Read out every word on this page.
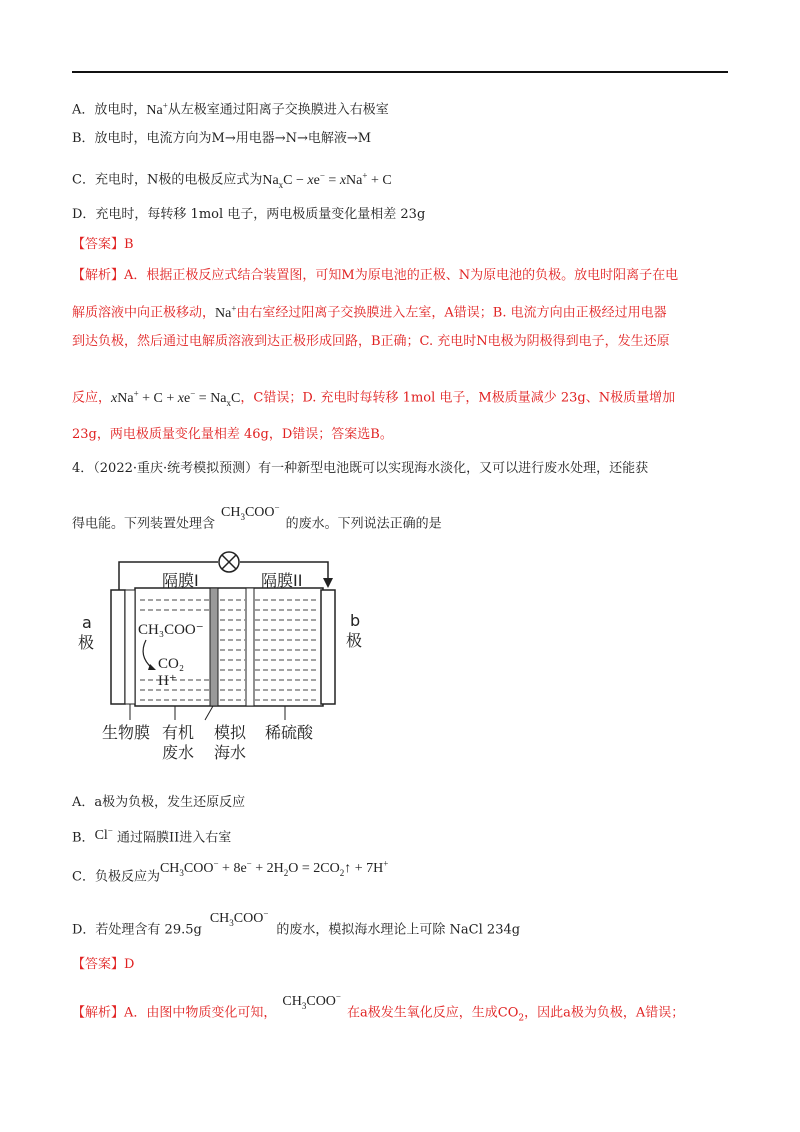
A．放电时，Na+从左极室通过阳离子交换膜进入右极室
B．放电时，电流方向为M→用电器→N→电解液→M
C．充电时，N极的电极反应式为$Na_xC - xe^- = xNa^+ + C$
D．充电时，每转移 1mol 电子，两电极质量变化量相差 23g
【答案】B
【解析】A．根据正极反应式结合装置图，可知M为原电池的正极、N为原电池的负极。放电时阳离子在电
解质溶液中向正极移动，Na+由右室经过阳离子交换膜进入左室，A错误；B. 电流方向由正极经过用电器
到达负极，然后通过电解质溶液到达正极形成回路，B正确；C. 充电时N电极为阴极得到电子，发生还原
反应，$xNa^+ + C + xe^- = Na_xC$，C错误；D. 充电时每转移 1mol 电子，M极质量减少 23g、N极质量增加
23g，两电极质量变化量相差 46g，D错误；答案选B。
4．（2022·重庆·统考模拟预测）有一种新型电池既可以实现海水淡化，又可以进行废水处理，还能获
得电能。下列装置处理含$CH_3COO^-$的废水。下列说法正确的是
隔膜I	隔膜II
a
极
b
极
CH₃COO⁻
CO₂
H⁺
生物膜 有机
废水
模拟
海水
稀硫酸
A．a极为负极，发生还原反应
B．Cl− 通过隔膜II进入右室
C．负极反应为$CH_3COO^- + 8e^- + 2H_2O$ = $2CO_2↑ + 7H^+$
D．若处理含有 29.5gCH$_3$COO−的废水，模拟海水理论上可除 NaCl 234g
【答案】D
【解析】A．由图中物质变化可知，$CH_3COO^-$在a极发生氧化反应，生成$CO_2$，因此a极为负极，A错误；
